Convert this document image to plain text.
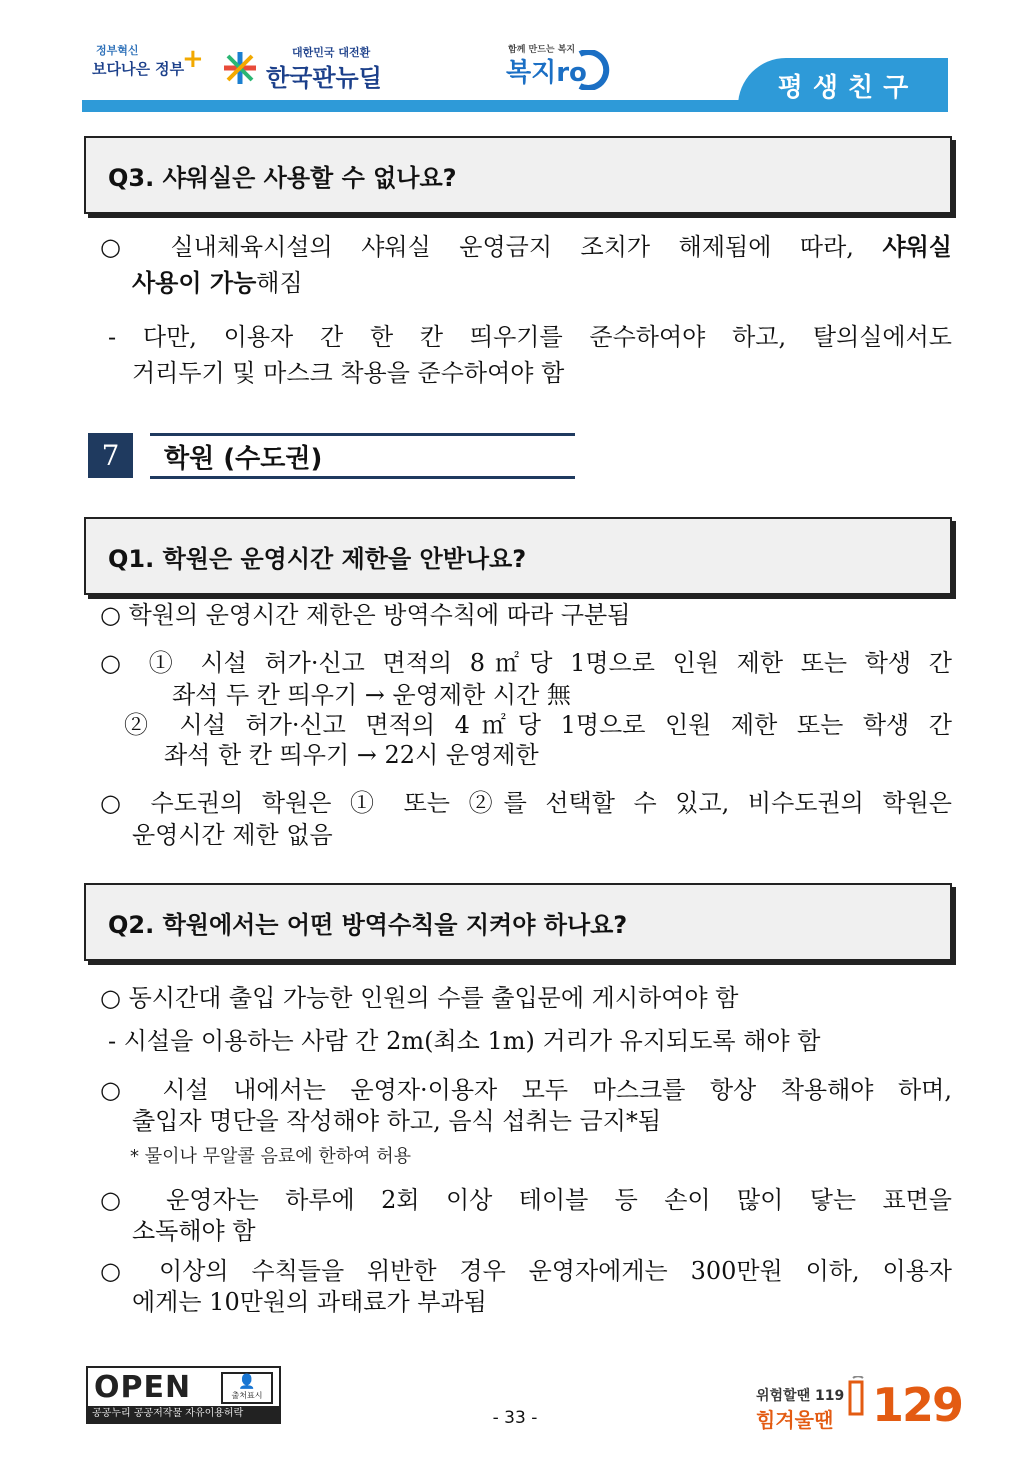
정부혁신
보다나은 정부
+	대한민국 대전환
한국판뉴딜
함께 만드는 복지
복지ro	평생친구
Q3. 샤워실은 사용할 수 없나요?
○ 실내체육시설의 샤워실 운영금지 조치가 해제됨에 따라, 샤워실
사용이 가능해짐
- 다만, 이용자 간 한 칸 띄우기를 준수하여야 하고, 탈의실에서도
거리두기 및 마스크 착용을 준수하여야 함
7	학원 (수도권)
Q1. 학원은 운영시간 제한을 안받나요?
○ 학원의 운영시간 제한은 방역수칙에 따라 구분됨
○ ① 시설 허가·신고 면적의 8㎡당 1명으로 인원 제한 또는 학생 간
좌석 두 칸 띄우기 → 운영제한 시간 無
② 시설 허가·신고 면적의 4㎡당 1명으로 인원 제한 또는 학생 간
좌석 한 칸 띄우기 → 22시 운영제한
○ 수도권의 학원은 ① 또는 ②를 선택할 수 있고, 비수도권의 학원은
운영시간 제한 없음
Q2. 학원에서는 어떤 방역수칙을 지켜야 하나요?
○ 동시간대 출입 가능한 인원의 수를 출입문에 게시하여야 함
- 시설을 이용하는 사람 간 2m(최소 1m) 거리가 유지되도록 해야 함
○ 시설 내에서는 운영자·이용자 모두 마스크를 항상 착용해야 하며,
출입자 명단을 작성해야 하고, 음식 섭취는 금지*됨
* 물이나 무알콜 음료에 한하여 허용
○ 운영자는 하루에 2회 이상 테이블 등 손이 많이 닿는 표면을
소독해야 함
○ 이상의 수칙들을 위반한 경우 운영자에게는 300만원 이하, 이용자
에게는 10만원의 과태료가 부과됨
OPEN	👤
출처표시
공공누리 공공저작물 자유이용허락	- 33 -
위험할땐 119
힘겨울땐 129
